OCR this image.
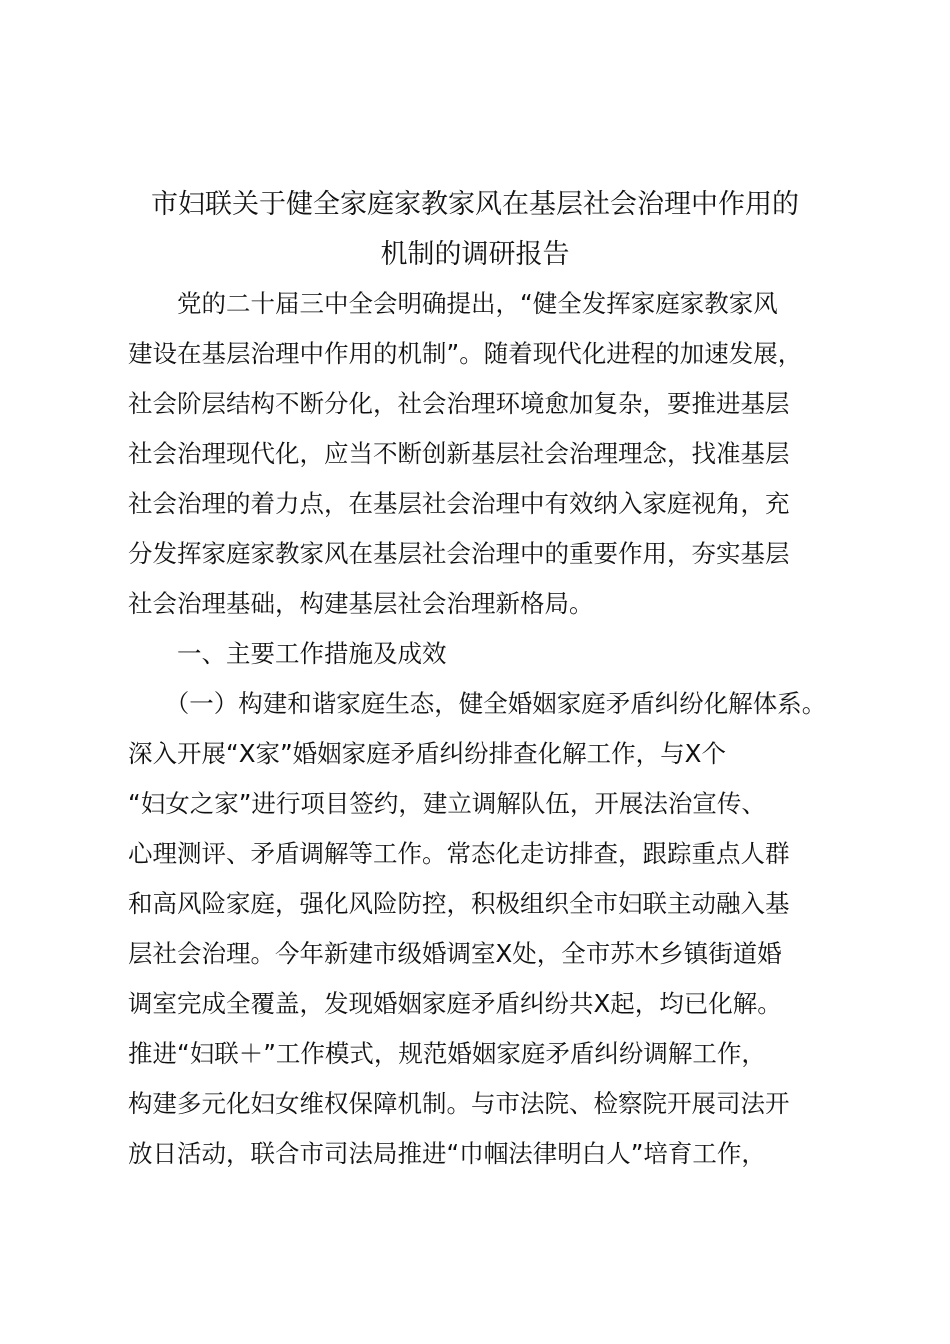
市妇联关于健全家庭家教家风在基层社会治理中作用的
机制的调研报告
　　党的二十届三中全会明确提出，“健全发挥家庭家教家风
建设在基层治理中作用的机制”。随着现代化进程的加速发展，
社会阶层结构不断分化，社会治理环境愈加复杂，要推进基层
社会治理现代化，应当不断创新基层社会治理理念，找准基层
社会治理的着力点，在基层社会治理中有效纳入家庭视角，充
分发挥家庭家教家风在基层社会治理中的重要作用，夯实基层
社会治理基础，构建基层社会治理新格局。
　　一、主要工作措施及成效
　　（一）构建和谐家庭生态，健全婚姻家庭矛盾纠纷化解体系。
深入开展“X家”婚姻家庭矛盾纠纷排查化解工作，与X个
“妇女之家”进行项目签约，建立调解队伍，开展法治宣传、
心理测评、矛盾调解等工作。常态化走访排查，跟踪重点人群
和高风险家庭，强化风险防控，积极组织全市妇联主动融入基
层社会治理。今年新建市级婚调室X处，全市苏木乡镇街道婚
调室完成全覆盖，发现婚姻家庭矛盾纠纷共X起，均已化解。
推进“妇联＋”工作模式，规范婚姻家庭矛盾纠纷调解工作，
构建多元化妇女维权保障机制。与市法院、检察院开展司法开
放日活动，联合市司法局推进“巾帼法律明白人”培育工作，
